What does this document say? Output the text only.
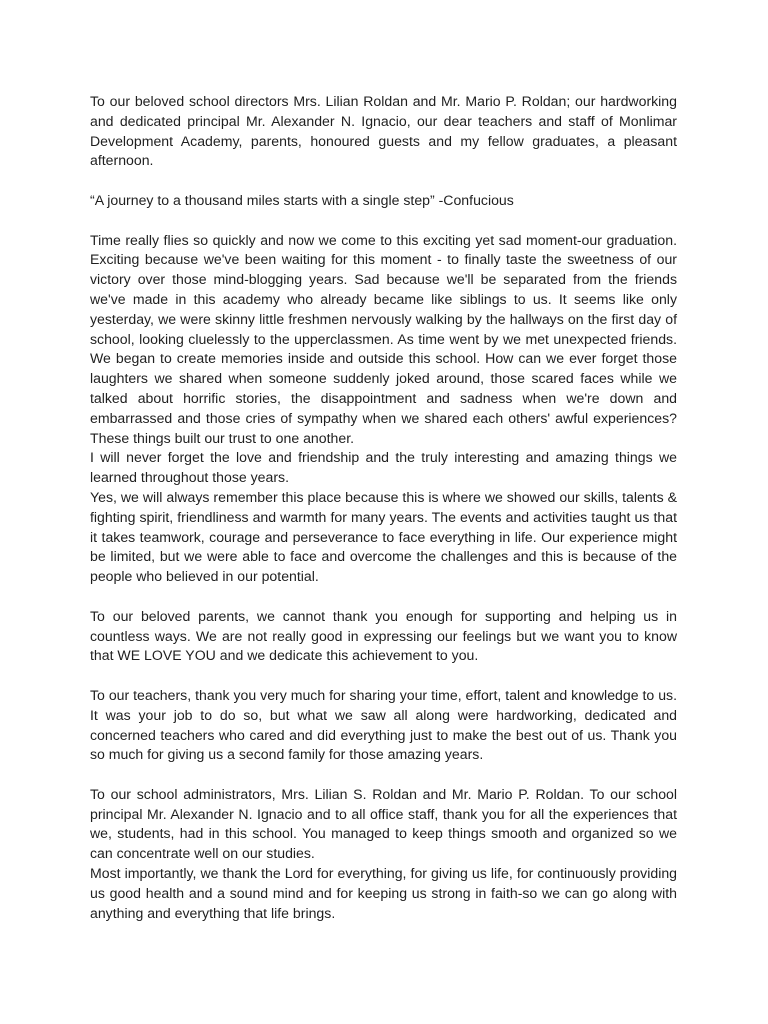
To our beloved school directors Mrs. Lilian Roldan and Mr. Mario P. Roldan; our hardworking and dedicated principal Mr. Alexander N. Ignacio, our dear teachers and staff of Monlimar Development Academy, parents, honoured guests and my fellow graduates, a pleasant afternoon.

“A journey to a thousand miles starts with a single step” -Confucious

Time really flies so quickly and now we come to this exciting yet sad moment-our graduation. Exciting because we've been waiting for this moment - to finally taste the sweetness of our victory over those mind-blogging years. Sad because we'll be separated from the friends we've made in this academy who already became like siblings to us. It seems like only yesterday, we were skinny little freshmen nervously walking by the hallways on the first day of school, looking cluelessly to the upperclassmen. As time went by we met unexpected friends. We began to create memories inside and outside this school. How can we ever forget those laughters we shared when someone suddenly joked around, those scared faces while we talked about horrific stories, the disappointment and sadness when we're down and embarrassed and those cries of sympathy when we shared each others' awful experiences? These things built our trust to one another.

I will never forget the love and friendship and the truly interesting and amazing things we learned throughout those years.

Yes, we will always remember this place because this is where we showed our skills, talents & fighting spirit, friendliness and warmth for many years. The events and activities taught us that it takes teamwork, courage and perseverance to face everything in life. Our experience might be limited, but we were able to face and overcome the challenges and this is because of the people who believed in our potential.

To our beloved parents, we cannot thank you enough for supporting and helping us in countless ways. We are not really good in expressing our feelings but we want you to know that WE LOVE YOU and we dedicate this achievement to you.

To our teachers, thank you very much for sharing your time, effort, talent and knowledge to us. It was your job to do so, but what we saw all along were hardworking, dedicated and concerned teachers who cared and did everything just to make the best out of us. Thank you so much for giving us a second family for those amazing years.

To our school administrators, Mrs. Lilian S. Roldan and Mr. Mario P. Roldan. To our school principal Mr. Alexander N. Ignacio and to all office staff, thank you for all the experiences that we, students, had in this school. You managed to keep things smooth and organized so we can concentrate well on our studies.

Most importantly, we thank the Lord for everything, for giving us life, for continuously providing us good health and a sound mind and for keeping us strong in faith-so we can go along with anything and everything that life brings.
